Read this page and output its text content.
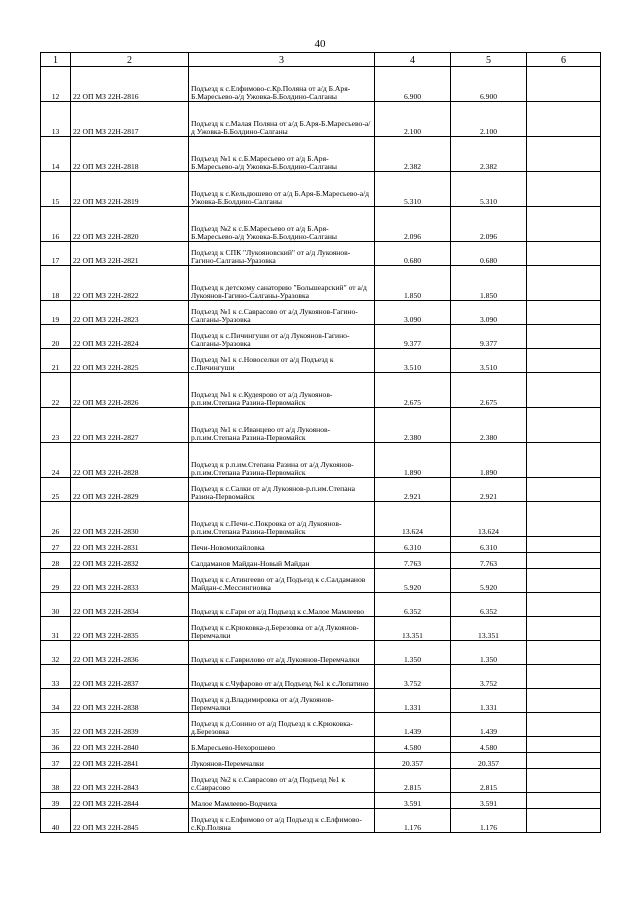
40
1	2	3	4	5	6
12	22 ОП МЗ 22Н-2816	Подъезд к с.Елфимово-с.Кр.Поляна от а/д Б.Аря-Б.Маресьево-а/д Ужовка-Б.Болдино-Салганы	6.900	6.900	
13	22 ОП МЗ 22Н-2817	Подъезд к с.Малая Поляна от а/д Б.Аря-Б.Маресьево-а/д Ужовка-Б.Болдино-Салганы	2.100	2.100	
14	22 ОП МЗ 22Н-2818	Подъезд №1 к с.Б.Маресьево от а/д Б.Аря-Б.Маресьево-а/д Ужовка-Б.Болдино-Салганы	2.382	2.382	
15	22 ОП МЗ 22Н-2819	Подъезд к с.Кельдюшево от а/д Б.Аря-Б.Маресьево-а/д Ужовка-Б.Болдино-Салганы	5.310	5.310	
16	22 ОП МЗ 22Н-2820	Подъезд №2 к с.Б.Маресьево от а/д Б.Аря-Б.Маресьево-а/д Ужовка-Б.Болдино-Салганы	2.096	2.096	
17	22 ОП МЗ 22Н-2821	Подъезд к СПК "Лукояновский" от а/д Лукоянов-Гагино-Салганы-Уразовка	0.680	0.680	
18	22 ОП МЗ 22Н-2822	Подъезд к детскому санаторию "Большеарский" от а/д Лукоянов-Гагино-Салганы-Уразовка	1.850	1.850	
19	22 ОП МЗ 22Н-2823	Подъезд №1 к с.Саврасово от а/д Лукоянов-Гагино-Салганы-Уразовка	3.090	3.090	
20	22 ОП МЗ 22Н-2824	Подъезд к с.Пичингуши от а/д Лукоянов-Гагино-Салганы-Уразовка	9.377	9.377	
21	22 ОП МЗ 22Н-2825	Подъезд №1 к с.Новоселки от а/д Подъезд к с.Пичингуши	3.510	3.510	
22	22 ОП МЗ 22Н-2826	Подъезд №1 к с.Кудеярово от а/д Лукоянов-р.п.им.Степана Разина-Первомайск	2.675	2.675	
23	22 ОП МЗ 22Н-2827	Подъезд №1 к с.Иванцево от а/д Лукоянов-р.п.им.Степана Разина-Первомайск	2.380	2.380	
24	22 ОП МЗ 22Н-2828	Подъезд к р.п.им.Степана Разина от а/д Лукоянов-р.п.им.Степана Разина-Первомайск	1.890	1.890	
25	22 ОП МЗ 22Н-2829	Подъезд к с.Салки от а/д Лукоянов-р.п.им.Степана Разина-Первомайск	2.921	2.921	
26	22 ОП МЗ 22Н-2830	Подъезд к с.Печи-с.Покровка от а/д Лукоянов-р.п.им.Степана Разина-Первомайск	13.624	13.624	
27	22 ОП МЗ 22Н-2831	Печи-Новомихайловка	6.310	6.310	
28	22 ОП МЗ 22Н-2832	Салдаманов Майдан-Новый Майдан	7.763	7.763	
29	22 ОП МЗ 22Н-2833	Подъезд к с.Атингеево от а/д Подъезд к с.Салдаманов Майдан-с.Мессингиовка	5.920	5.920	
30	22 ОП МЗ 22Н-2834	Подъезд к с.Гари от а/д Подъезд к с.Малое Мамлеево	6.352	6.352	
31	22 ОП МЗ 22Н-2835	Подъезд к с.Крюковка-д.Березовка от а/д Лукоянов-Перемчалки	13.351	13.351	
32	22 ОП МЗ 22Н-2836	Подъезд к с.Гаврилово от а/д Лукоянов-Перемчалки	1.350	1.350	
33	22 ОП МЗ 22Н-2837	Подъезд к с.Чуфарово от а/д Подъезд №1 к с.Лопатино	3.752	3.752	
34	22 ОП МЗ 22Н-2838	Подъезд к д.Владимировка от а/д Лукоянов-Перемчалки	1.331	1.331	
35	22 ОП МЗ 22Н-2839	Подъезд к д.Сонино от а/д Подъезд к с.Крюковка-д.Березовка	1.439	1.439	
36	22 ОП МЗ 22Н-2840	Б.Маресьево-Нехорошево	4.580	4.580	
37	22 ОП МЗ 22Н-2841	Лукоянов-Перемчалки	20.357	20.357	
38	22 ОП МЗ 22Н-2843	Подъезд №2 к с.Саврасово от а/д Подъезд №1 к с.Саврасово	2.815	2.815	
39	22 ОП МЗ 22Н-2844	Малое Мамлеево-Водчиха	3.591	3.591	
40	22 ОП МЗ 22Н-2845	Подъезд к с.Елфимово от а/д Подъезд к с.Елфимово-с.Кр.Поляна	1.176	1.176	
